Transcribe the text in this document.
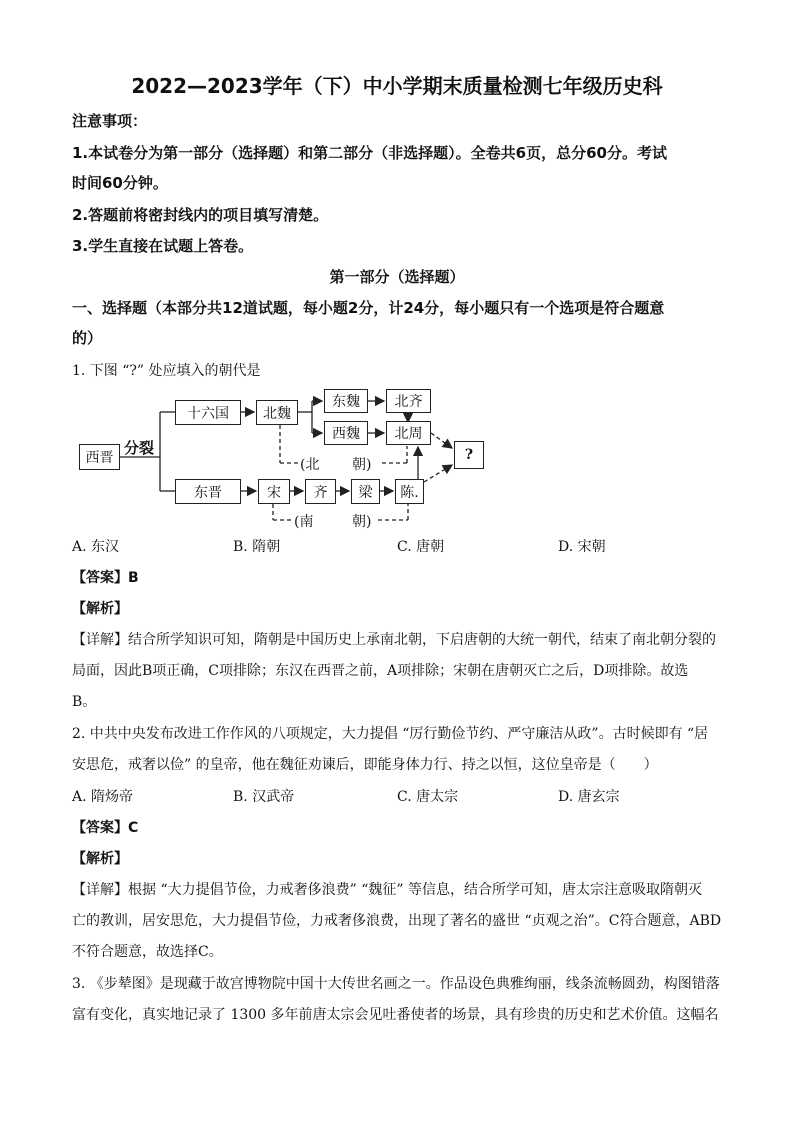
2022—2023学年（下）中小学期末质量检测七年级历史科
注意事项：
1.本试卷分为第一部分（选择题）和第二部分（非选择题）。全卷共6页，总分60分。考试
时间60分钟。
2.答题前将密封线内的项目填写清楚。
3.学生直接在试题上答卷。
第一部分（选择题）
一、选择题（本部分共12道试题，每小题2分，计24分，每小题只有一个选项是符合题意
的）
1. 下图 “?” 处应填入的朝代是
西晋
分裂
十六国	北魏
东魏	北齐
西魏	北周
?
(北 朝)
东晋	宋	齐	梁	陈.
(南	朝)
A. 东汉	B. 隋朝	C. 唐朝	D. 宋朝
【答案】B
【解析】
【详解】结合所学知识可知，隋朝是中国历史上承南北朝，下启唐朝的大统一朝代，结束了南北朝分裂的
局面，因此B项正确，C项排除；东汉在西晋之前，A项排除；宋朝在唐朝灭亡之后，D项排除。故选
B。
2. 中共中央发布改进工作作风的八项规定，大力提倡 “厉行勤俭节约、严守廉洁从政”。古时候即有 “居
安思危，戒奢以俭” 的皇帝，他在魏征劝谏后，即能身体力行、持之以恒，这位皇帝是（　　）
A. 隋炀帝	B. 汉武帝	C. 唐太宗	D. 唐玄宗
【答案】C
【解析】
【详解】根据 “大力提倡节俭，力戒奢侈浪费” “魏征” 等信息，结合所学可知，唐太宗注意吸取隋朝灭
亡的教训，居安思危，大力提倡节俭，力戒奢侈浪费，出现了著名的盛世 “贞观之治”。C符合题意，ABD
不符合题意，故选择C。
3. 《步辇图》是现藏于故宫博物院中国十大传世名画之一。作品设色典雅绚丽，线条流畅圆劲，构图错落
富有变化，真实地记录了 1300 多年前唐太宗会见吐番使者的场景，具有珍贵的历史和艺术价值。这幅名
